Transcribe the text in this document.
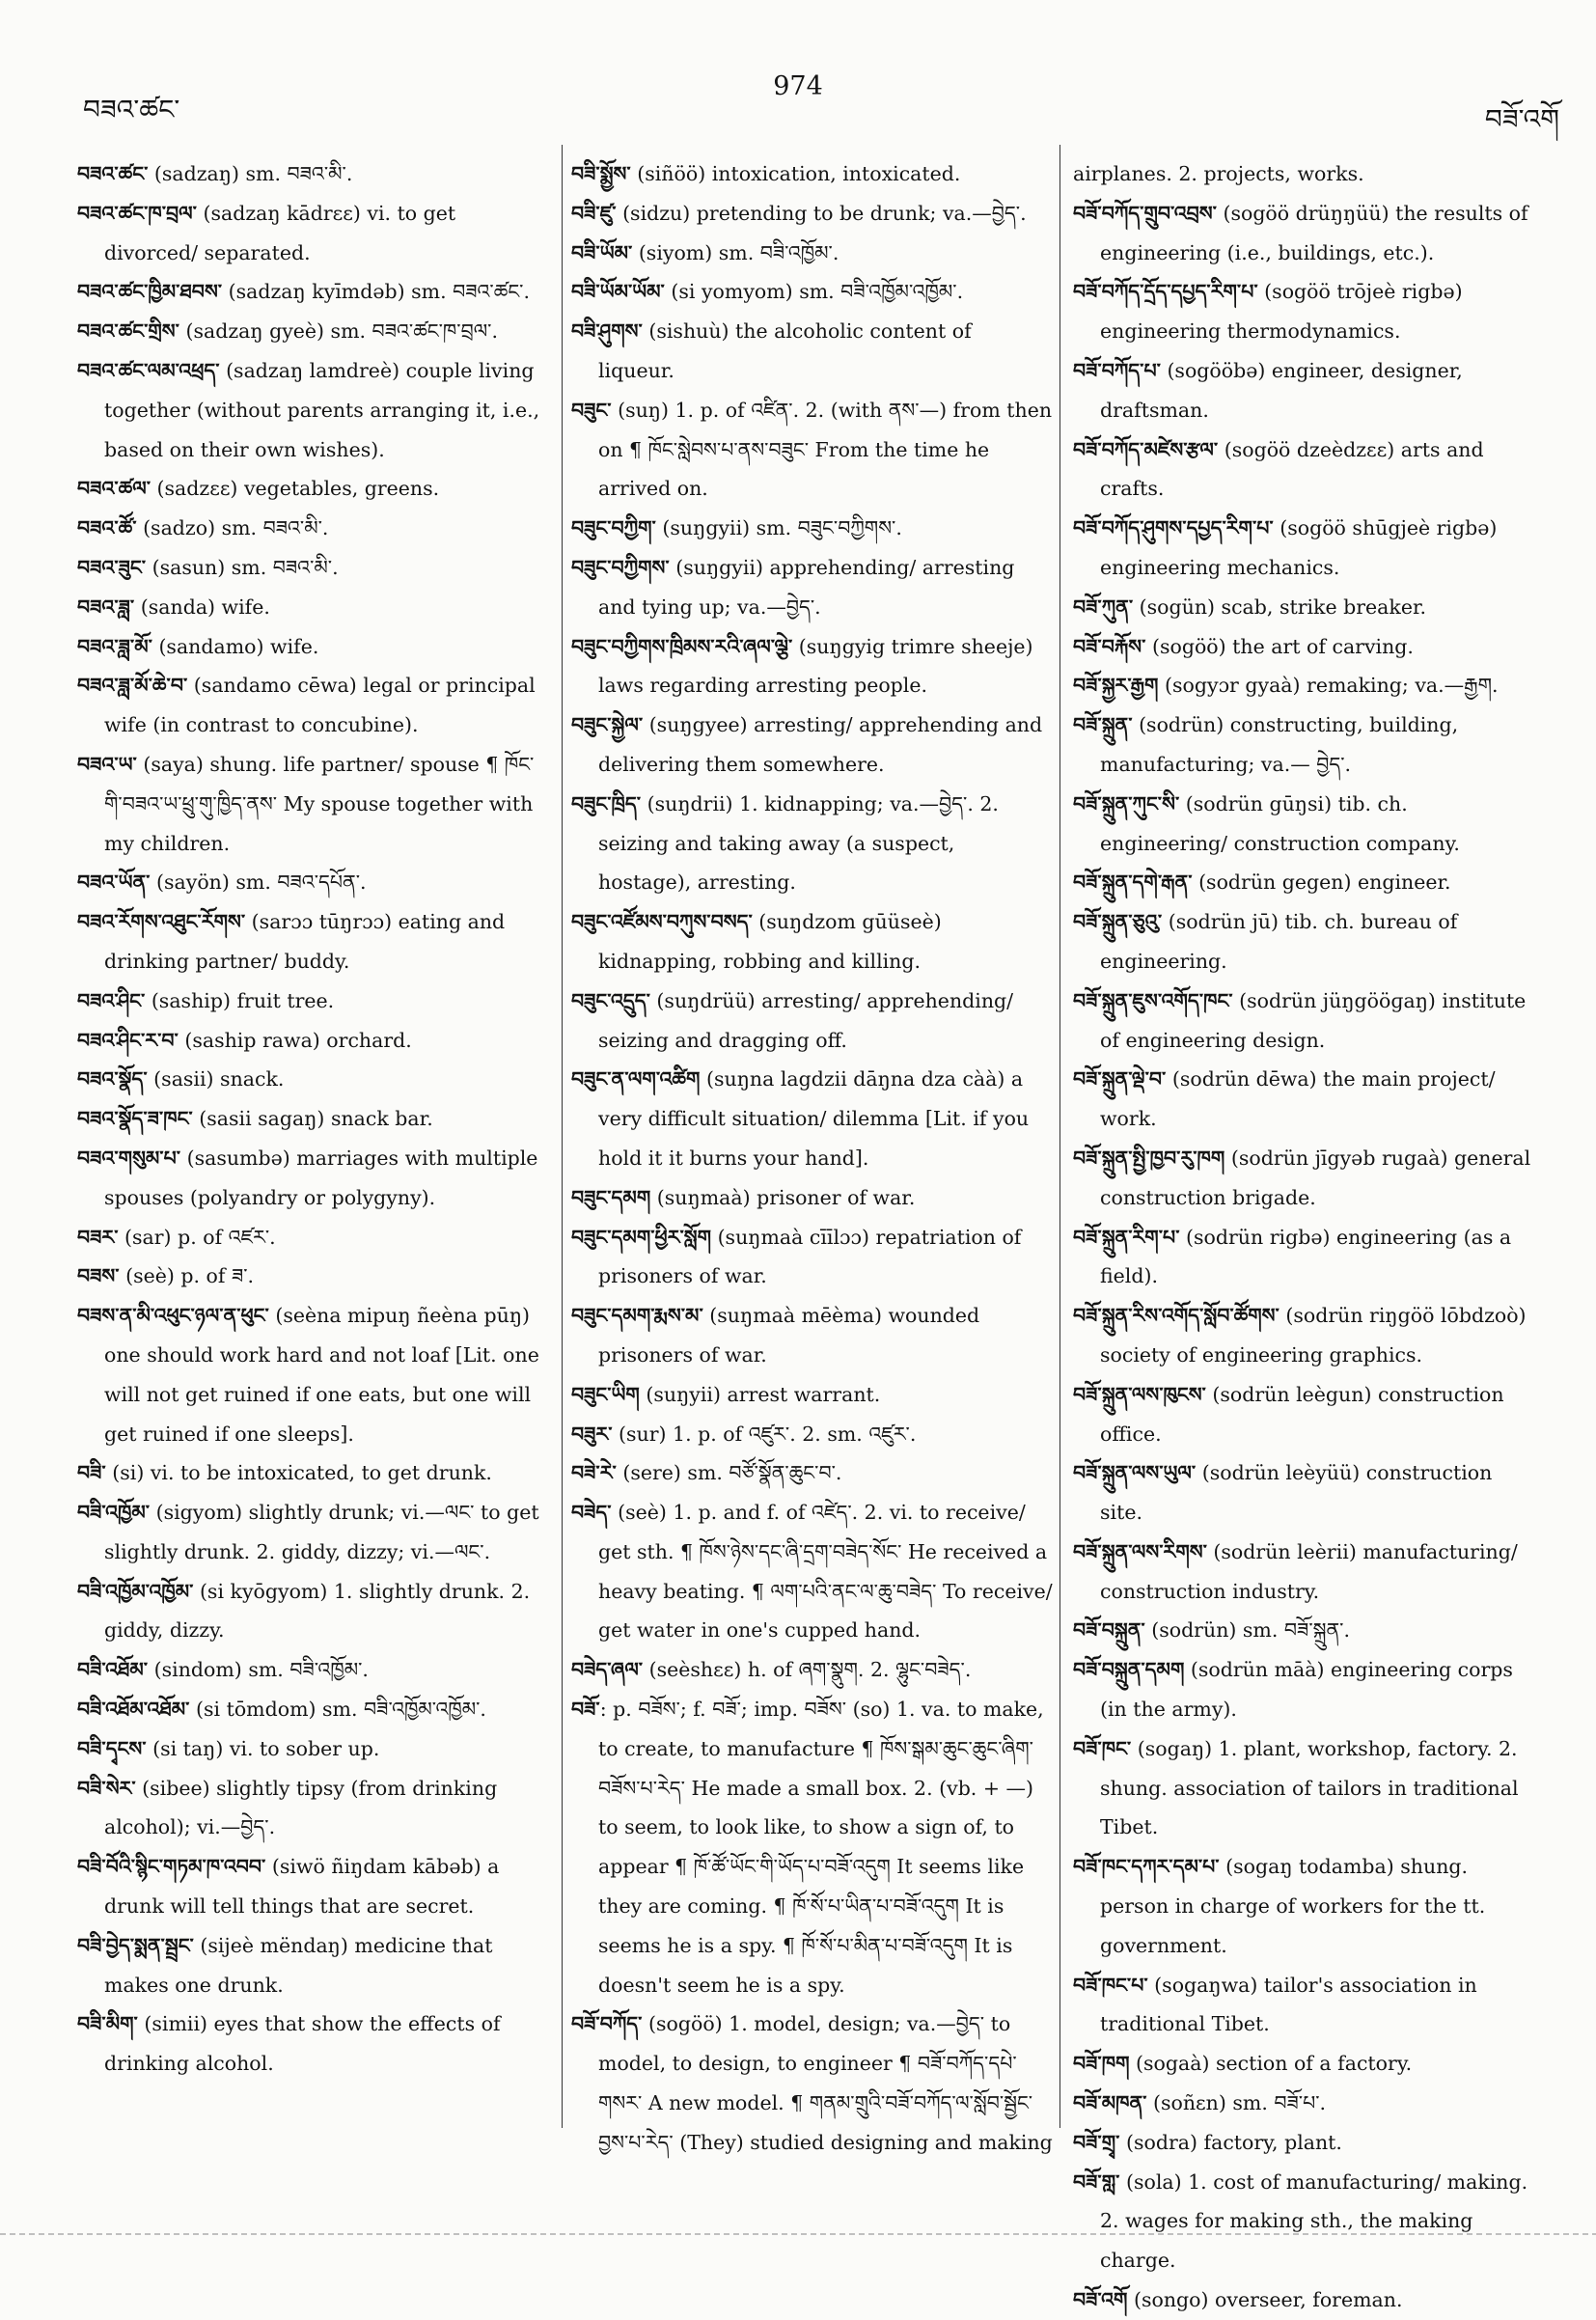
བཟའ་ཚང་
974
བཟོ་འགོ

བཟའ་ཚང་ (sadzaŋ) sm. བཟའ་མི་.

བཟའ་ཚང་ཁ་བྲལ་ (sadzaŋ kādrɛɛ) vi. to get divorced/ separated.

བཟའ་ཚང་ཁྱིམ་ཐབས་ (sadzaŋ kyīmdəb) sm. བཟའ་ཚང་.

བཟའ་ཚང་གྲིས་ (sadzaŋ gyeè) sm. བཟའ་ཚང་ཁ་བྲལ་.

བཟའ་ཚང་ལམ་འཕྲད་ (sadzaŋ lamdreè) couple living together (without parents arranging it, i.e., based on their own wishes).

བཟའ་ཚལ་ (sadzɛɛ) vegetables, greens.

བཟའ་ཚོ་ (sadzo) sm. བཟའ་མི་.

བཟའ་ཟུང་ (sasun) sm. བཟའ་མི་.

བཟའ་ཟླ་ (sanda) wife.

བཟའ་ཟླ་མོ་ (sandamo) wife.

བཟའ་ཟླ་མོ་ཆེ་བ་ (sandamo cēwa) legal or principal wife (in contrast to concubine).

བཟའ་ཡ་ (saya) shung. life partner/ spouse ¶ ཁོང་གི་བཟའ་ཡ་ཕྲུ་གུ་ཁྱིད་ནས་ My spouse together with my children.

བཟའ་ཡོན་ (sayön) sm. བཟའ་དཔོན་.

བཟའ་རོགས་འཐུང་རོགས་ (sarɔɔ tūŋrɔɔ) eating and drinking partner/ buddy.

བཟའ་ཤིང་ (saship) fruit tree.

བཟའ་ཤིང་ར་བ་ (saship rawa) orchard.

བཟའ་སྣོད་ (sasii) snack.

བཟའ་སྣོད་ཟ་ཁང་ (sasii sagaŋ) snack bar.

བཟའ་གསུམ་པ་ (sasumbə) marriages with multiple spouses (polyandry or polygyny).

བཟར་ (sar) p. of འཛར་.

བཟས་ (seè) p. of ཟ་.

བཟས་ན་མི་འཕུང་ཉལ་ན་ཕུང་ (seèna mipuŋ ñeèna pūŋ) one should work hard and not loaf [Lit. one will not get ruined if one eats, but one will get ruined if one sleeps].

བཟི་ (si) vi. to be intoxicated, to get drunk.

བཟི་འཁྱོམ་ (sigyom) slightly drunk; vi.—ལང་ to get slightly drunk. 2. giddy, dizzy; vi.—ལང་.

བཟི་འཁྱོམ་འཁྱོམ་ (si kyōgyom) 1. slightly drunk. 2. giddy, dizzy.

བཟི་འཐོམ་ (sindom) sm. བཟི་འཁྱོམ་.

བཟི་འཐོམ་འཐོམ་ (si tōmdom) sm. བཟི་འཁྱོམ་འཁྱོམ་.

བཟི་དྭངས་ (si taŋ) vi. to sober up.

བཟི་སེར་ (sibee) slightly tipsy (from drinking alcohol); vi.—བྱེད་.

བཟི་བོའི་སྙིང་གཏམ་ཁ་འབབ་ (siwö ñiŋdam kābəb) a drunk will tell things that are secret.

བཟི་བྱེད་སྨན་སྦྲང་ (sijeè mëndaŋ) medicine that makes one drunk.

བཟི་མིག་ (simii) eyes that show the effects of drinking alcohol.

བཟི་སྨྱོས་ (siñöö) intoxication, intoxicated.

བཟི་ཛུ་ (sidzu) pretending to be drunk; va.—བྱེད་.

བཟི་ཡོམ་ (siyom) sm. བཟི་འཁྱོམ་.

བཟི་ཡོམ་ཡོམ་ (si yomyom) sm. བཟི་འཁྱོམ་འཁྱོམ་.

བཟི་ཤུགས་ (sishuù) the alcoholic content of liqueur.

བཟུང་ (suŋ) 1. p. of འཛིན་. 2. (with ནས་—) from then on ¶ ཁོང་སླེབས་པ་ནས་བཟུང་ From the time he arrived on.

བཟུང་བཀྱིག་ (suŋgyii) sm. བཟུང་བཀྱིགས་.

བཟུང་བཀྱིགས་ (suŋgyii) apprehending/ arresting and tying up; va.—བྱེད་.

བཟུང་བཀྱིགས་ཁྲིམས་རའི་ཞལ་ལྕེ་ (suŋgyig trimre sheeje) laws regarding arresting people.

བཟུང་སྐྱེལ་ (suŋgyee) arresting/ apprehending and delivering them somewhere.

བཟུང་ཁྲིད་ (suŋdrii) 1. kidnapping; va.—བྱེད་. 2. seizing and taking away (a suspect, hostage), arresting.

བཟུང་འཛོམས་བཀུས་བསད་ (suŋdzom gūüseè) kidnapping, robbing and killing.

བཟུང་འདྲུད་ (suŋdrüü) arresting/ apprehending/ seizing and dragging off.

བཟུང་ན་ལག་འཚིག (suŋna lagdzii dāŋna dza càà) a very difficult situation/ dilemma [Lit. if you hold it it burns your hand].

བཟུང་དམག (suŋmaà) prisoner of war.

བཟུང་དམག་ཕྱིར་སློག (suŋmaà cīīlɔɔ) repatriation of prisoners of war.

བཟུང་དམག་རྨས་མ་ (suŋmaà mēèma) wounded prisoners of war.

བཟུང་ཡིག (suŋyii) arrest warrant.

བཟུར་ (sur) 1. p. of འཛུར་. 2. sm. འཛུར་.

བཟེ་རེ་ (sere) sm. བཙོ་སྣོན་ཆུང་བ་.

བཟེད་ (seè) 1. p. and f. of འཛེད་. 2. vi. to receive/ get sth. ¶ ཁོས་ཉེས་དང་ཞི་དྲག་བཟེད་སོང་ He received a heavy beating. ¶ ལག་པའི་ནང་ལ་ཆུ་བཟེད་ To receive/ get water in one's cupped hand.

བཟེད་ཞལ་ (seèshɛɛ) h. of ཞག་སྣུག. 2. ལྷུང་བཟེད་.

བཟོ་: p. བཟོས་; f. བཟོ་; imp. བཟོས་ (so) 1. va. to make, to create, to manufacture ¶ ཁོས་སྒམ་ཆུང་ཆུང་ཞིག་བཟོས་པ་རེད་ He made a small box. 2. (vb. + —) to seem, to look like, to show a sign of, to appear ¶ ཁོ་ཚོ་ཡོང་གི་ཡོད་པ་བཟོ་འདུག It seems like they are coming. ¶ ཁོ་སོ་པ་ཡིན་པ་བཟོ་འདུག It is seems he is a spy. ¶ ཁོ་སོ་པ་མིན་པ་བཟོ་འདུག It is doesn't seem he is a spy.

བཟོ་བཀོད་ (sogöö) 1. model, design; va.—བྱེད་ to model, to design, to engineer ¶ བཟོ་བཀོད་དཔེ་གསར་ A new model. ¶ གནམ་གྲུའི་བཟོ་བཀོད་ལ་སློབ་སྦྱོང་བྱས་པ་རེད་ (They) studied designing and making

airplanes. 2. projects, works.

བཟོ་བཀོད་གྲུབ་འབྲས་ (sogöö drüŋŋüü) the results of engineering (i.e., buildings, etc.).

བཟོ་བཀོད་དྲོད་དཔྱད་རིག་པ་ (sogöö trōjeè rigbə) engineering thermodynamics.

བཟོ་བཀོད་པ་ (sogööbə) engineer, designer, draftsman.

བཟོ་བཀོད་མཛེས་རྩལ་ (sogöö dzeèdzɛɛ) arts and crafts.

བཟོ་བཀོད་ཤུགས་དཔྱད་རིག་པ་ (sogöö shūgjeè rigbə) engineering mechanics.

བཟོ་ཀུན་ (sogün) scab, strike breaker.

བཟོ་བརྐོས་ (sogöö) the art of carving.

བཟོ་སྐྱར་རྒྱག (sogyɔr gyaà) remaking; va.—རྒྱག.

བཟོ་སྐྲུན་ (sodrün) constructing, building, manufacturing; va.— བྱེད་.

བཟོ་སྐྲུན་ཀུང་སི་ (sodrün gūŋsi) tib. ch. engineering/ construction company.

བཟོ་སྐྲུན་དགེ་རྒན་ (sodrün gegen) engineer.

བཟོ་སྐྲུན་ཅུའུ་ (sodrün jū) tib. ch. bureau of engineering.

བཟོ་སྐྲུན་ཇུས་འགོད་ཁང་ (sodrün jüŋgööɡaŋ) institute of engineering design.

བཟོ་སྐྲུན་ལྡེ་བ་ (sodrün dēwa) the main project/ work.

བཟོ་སྐྲུན་སྤྱི་ཁྱབ་རུ་ཁག (sodrün jīgyəb rugaà) general construction brigade.

བཟོ་སྐྲུན་རིག་པ་ (sodrün rigbə) engineering (as a field).

བཟོ་སྐྲུན་རིས་འགོད་སློབ་ཚོགས་ (sodrün riŋgöö lōbdzoò) society of engineering graphics.

བཟོ་སྐྲུན་ལས་ཁུངས་ (sodrün leègun) construction office.

བཟོ་སྐྲུན་ལས་ཡུལ་ (sodrün leèyüü) construction site.

བཟོ་སྐྲུན་ལས་རིགས་ (sodrün leèrii) manufacturing/ construction industry.

བཟོ་བསྐྲུན་ (sodrün) sm. བཟོ་སྐྲུན་.

བཟོ་བསྐྲུན་དམག (sodrün māà) engineering corps (in the army).

བཟོ་ཁང་ (sogaŋ) 1. plant, workshop, factory. 2. shung. association of tailors in traditional Tibet.

བཟོ་ཁང་དཀར་དམ་པ་ (sogaŋ todamba) shung. person in charge of workers for the tt. government.

བཟོ་ཁང་པ་ (sogaŋwa) tailor's association in traditional Tibet.

བཟོ་ཁག (sogaà) section of a factory.

བཟོ་མཁན་ (soñɛn) sm. བཟོ་པ་.

བཟོ་གྲྭ་ (sodra) factory, plant.

བཟོ་གླ་ (sola) 1. cost of manufacturing/ making. 2. wages for making sth., the making charge.

བཟོ་འགོ (songo) overseer, foreman.
